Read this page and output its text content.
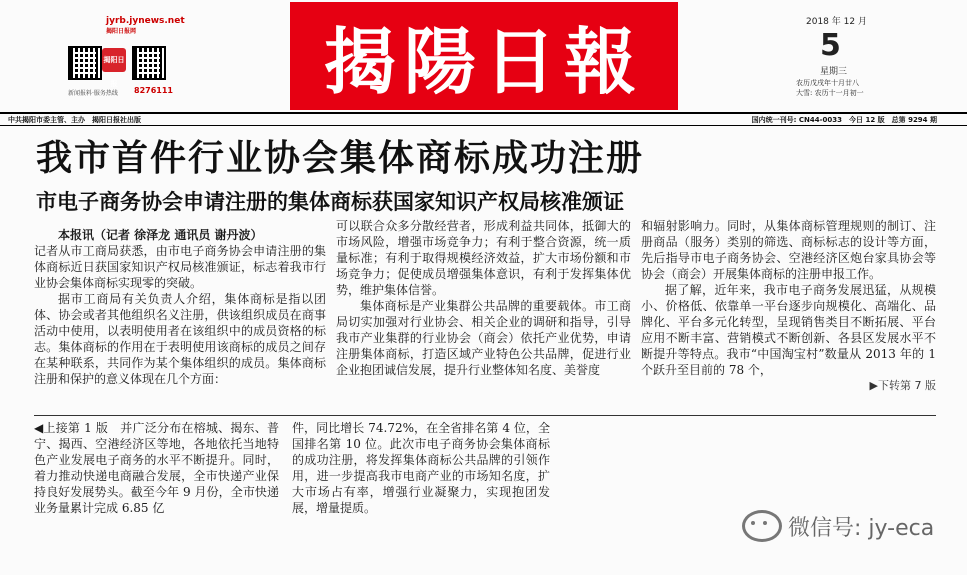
jyrb.jynews.net
揭阳日报网
揭阳日报
新闻报料·服务热线 8276111 揭陽日報	2018 年 12 月
5
星期三
农历戊戌年十月廿八
大雪: 农历十一月初一
中共揭阳市委主管、主办　揭阳日报社出版	国内统一刊号: CN44-0033　今日 12 版　总第 9294 期
我市首件行业协会集体商标成功注册
市电子商务协会申请注册的集体商标获国家知识产权局核准颁证
本报讯（记者 徐泽龙 通讯员 谢丹波）

记者从市工商局获悉，由市电子商务协会申请注册的集体商标近日获国家知识产权局核准颁证，标志着我市行业协会集体商标实现零的突破。

据市工商局有关负责人介绍，集体商标是指以团体、协会或者其他组织名义注册，供该组织成员在商事活动中使用，以表明使用者在该组织中的成员资格的标志。集体商标的作用在于表明使用该商标的成员之间存在某种联系，共同作为某个集体组织的成员。集体商标注册和保护的意义体现在几个方面：

可以联合众多分散经营者，形成利益共同体，抵御大的市场风险，增强市场竞争力；有利于整合资源，统一质量标准；有利于取得规模经济效益，扩大市场份额和市场竞争力；促使成员增强集体意识，有利于发挥集体优势，维护集体信誉。

集体商标是产业集群公共品牌的重要载体。市工商局切实加强对行业协会、相关企业的调研和指导，引导我市产业集群的行业协会（商会）依托产业优势，申请注册集体商标，打造区域产业特色公共品牌，促进行业企业抱团诚信发展，提升行业整体知名度、美誉度

和辐射影响力。同时，从集体商标管理规则的制订、注册商品（服务）类别的筛选、商标标志的设计等方面，先后指导市电子商务协会、空港经济区炮台家具协会等协会（商会）开展集体商标的注册申报工作。

据了解，近年来，我市电子商务发展迅猛，从规模小、价格低、依靠单一平台逐步向规模化、高端化、品牌化、平台多元化转型，呈现销售类目不断拓展、平台应用不断丰富、营销模式不断创新、各县区发展水平不断提升等特点。我市“中国淘宝村”数量从 2013 年的 1 个跃升至目前的 78 个，

▶下转第 7 版

◀上接第 1 版　并广泛分布在榕城、揭东、普宁、揭西、空港经济区等地，各地依托当地特色产业发展电子商务的水平不断提升。同时，着力推动快递电商融合发展，全市快递产业保持良好发展势头。截至今年 9 月份，全市快递业务量累计完成 6.85 亿

件，同比增长 74.72%，在全省排名第 4 位，全国排名第 10 位。此次市电子商务协会集体商标的成功注册，将发挥集体商标公共品牌的引领作用，进一步提高我市电商产业的市场知名度，扩大市场占有率，增强行业凝聚力，实现抱团发展，增量提质。

微信号: jy-eca
